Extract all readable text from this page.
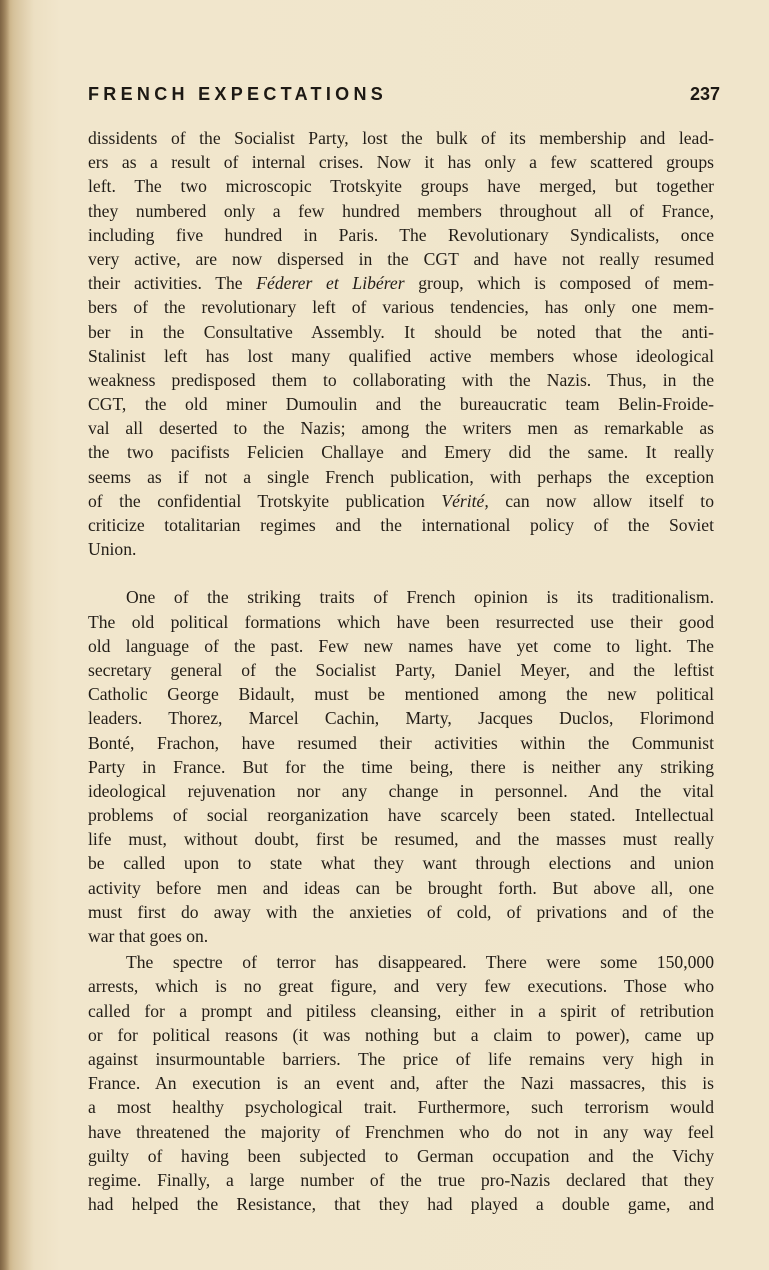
FRENCH EXPECTATIONS	237
dissidents of the Socialist Party, lost the bulk of its membership and lead-
ers as a result of internal crises. Now it has only a few scattered groups
left. The two microscopic Trotskyite groups have merged, but together
they numbered only a few hundred members throughout all of France,
including five hundred in Paris. The Revolutionary Syndicalists, once
very active, are now dispersed in the CGT and have not really resumed
their activities. The Féderer et Libérer group, which is composed of mem-
bers of the revolutionary left of various tendencies, has only one mem-
ber in the Consultative Assembly. It should be noted that the anti-
Stalinist left has lost many qualified active members whose ideological
weakness predisposed them to collaborating with the Nazis. Thus, in the
CGT, the old miner Dumoulin and the bureaucratic team Belin-Froide-
val all deserted to the Nazis; among the writers men as remarkable as
the two pacifists Felicien Challaye and Emery did the same. It really
seems as if not a single French publication, with perhaps the exception
of the confidential Trotskyite publication Vérité, can now allow itself to
criticize totalitarian regimes and the international policy of the Soviet
Union.
One of the striking traits of French opinion is its traditionalism.
The old political formations which have been resurrected use their good
old language of the past. Few new names have yet come to light. The
secretary general of the Socialist Party, Daniel Meyer, and the leftist
Catholic George Bidault, must be mentioned among the new political
leaders. Thorez, Marcel Cachin, Marty, Jacques Duclos, Florimond
Bonté, Frachon, have resumed their activities within the Communist
Party in France. But for the time being, there is neither any striking
ideological rejuvenation nor any change in personnel. And the vital
problems of social reorganization have scarcely been stated. Intellectual
life must, without doubt, first be resumed, and the masses must really
be called upon to state what they want through elections and union
activity before men and ideas can be brought forth. But above all, one
must first do away with the anxieties of cold, of privations and of the
war that goes on.
The spectre of terror has disappeared. There were some 150,000
arrests, which is no great figure, and very few executions. Those who
called for a prompt and pitiless cleansing, either in a spirit of retribution
or for political reasons (it was nothing but a claim to power), came up
against insurmountable barriers. The price of life remains very high in
France. An execution is an event and, after the Nazi massacres, this is
a most healthy psychological trait. Furthermore, such terrorism would
have threatened the majority of Frenchmen who do not in any way feel
guilty of having been subjected to German occupation and the Vichy
regime. Finally, a large number of the true pro-Nazis declared that they
had helped the Resistance, that they had played a double game, and
